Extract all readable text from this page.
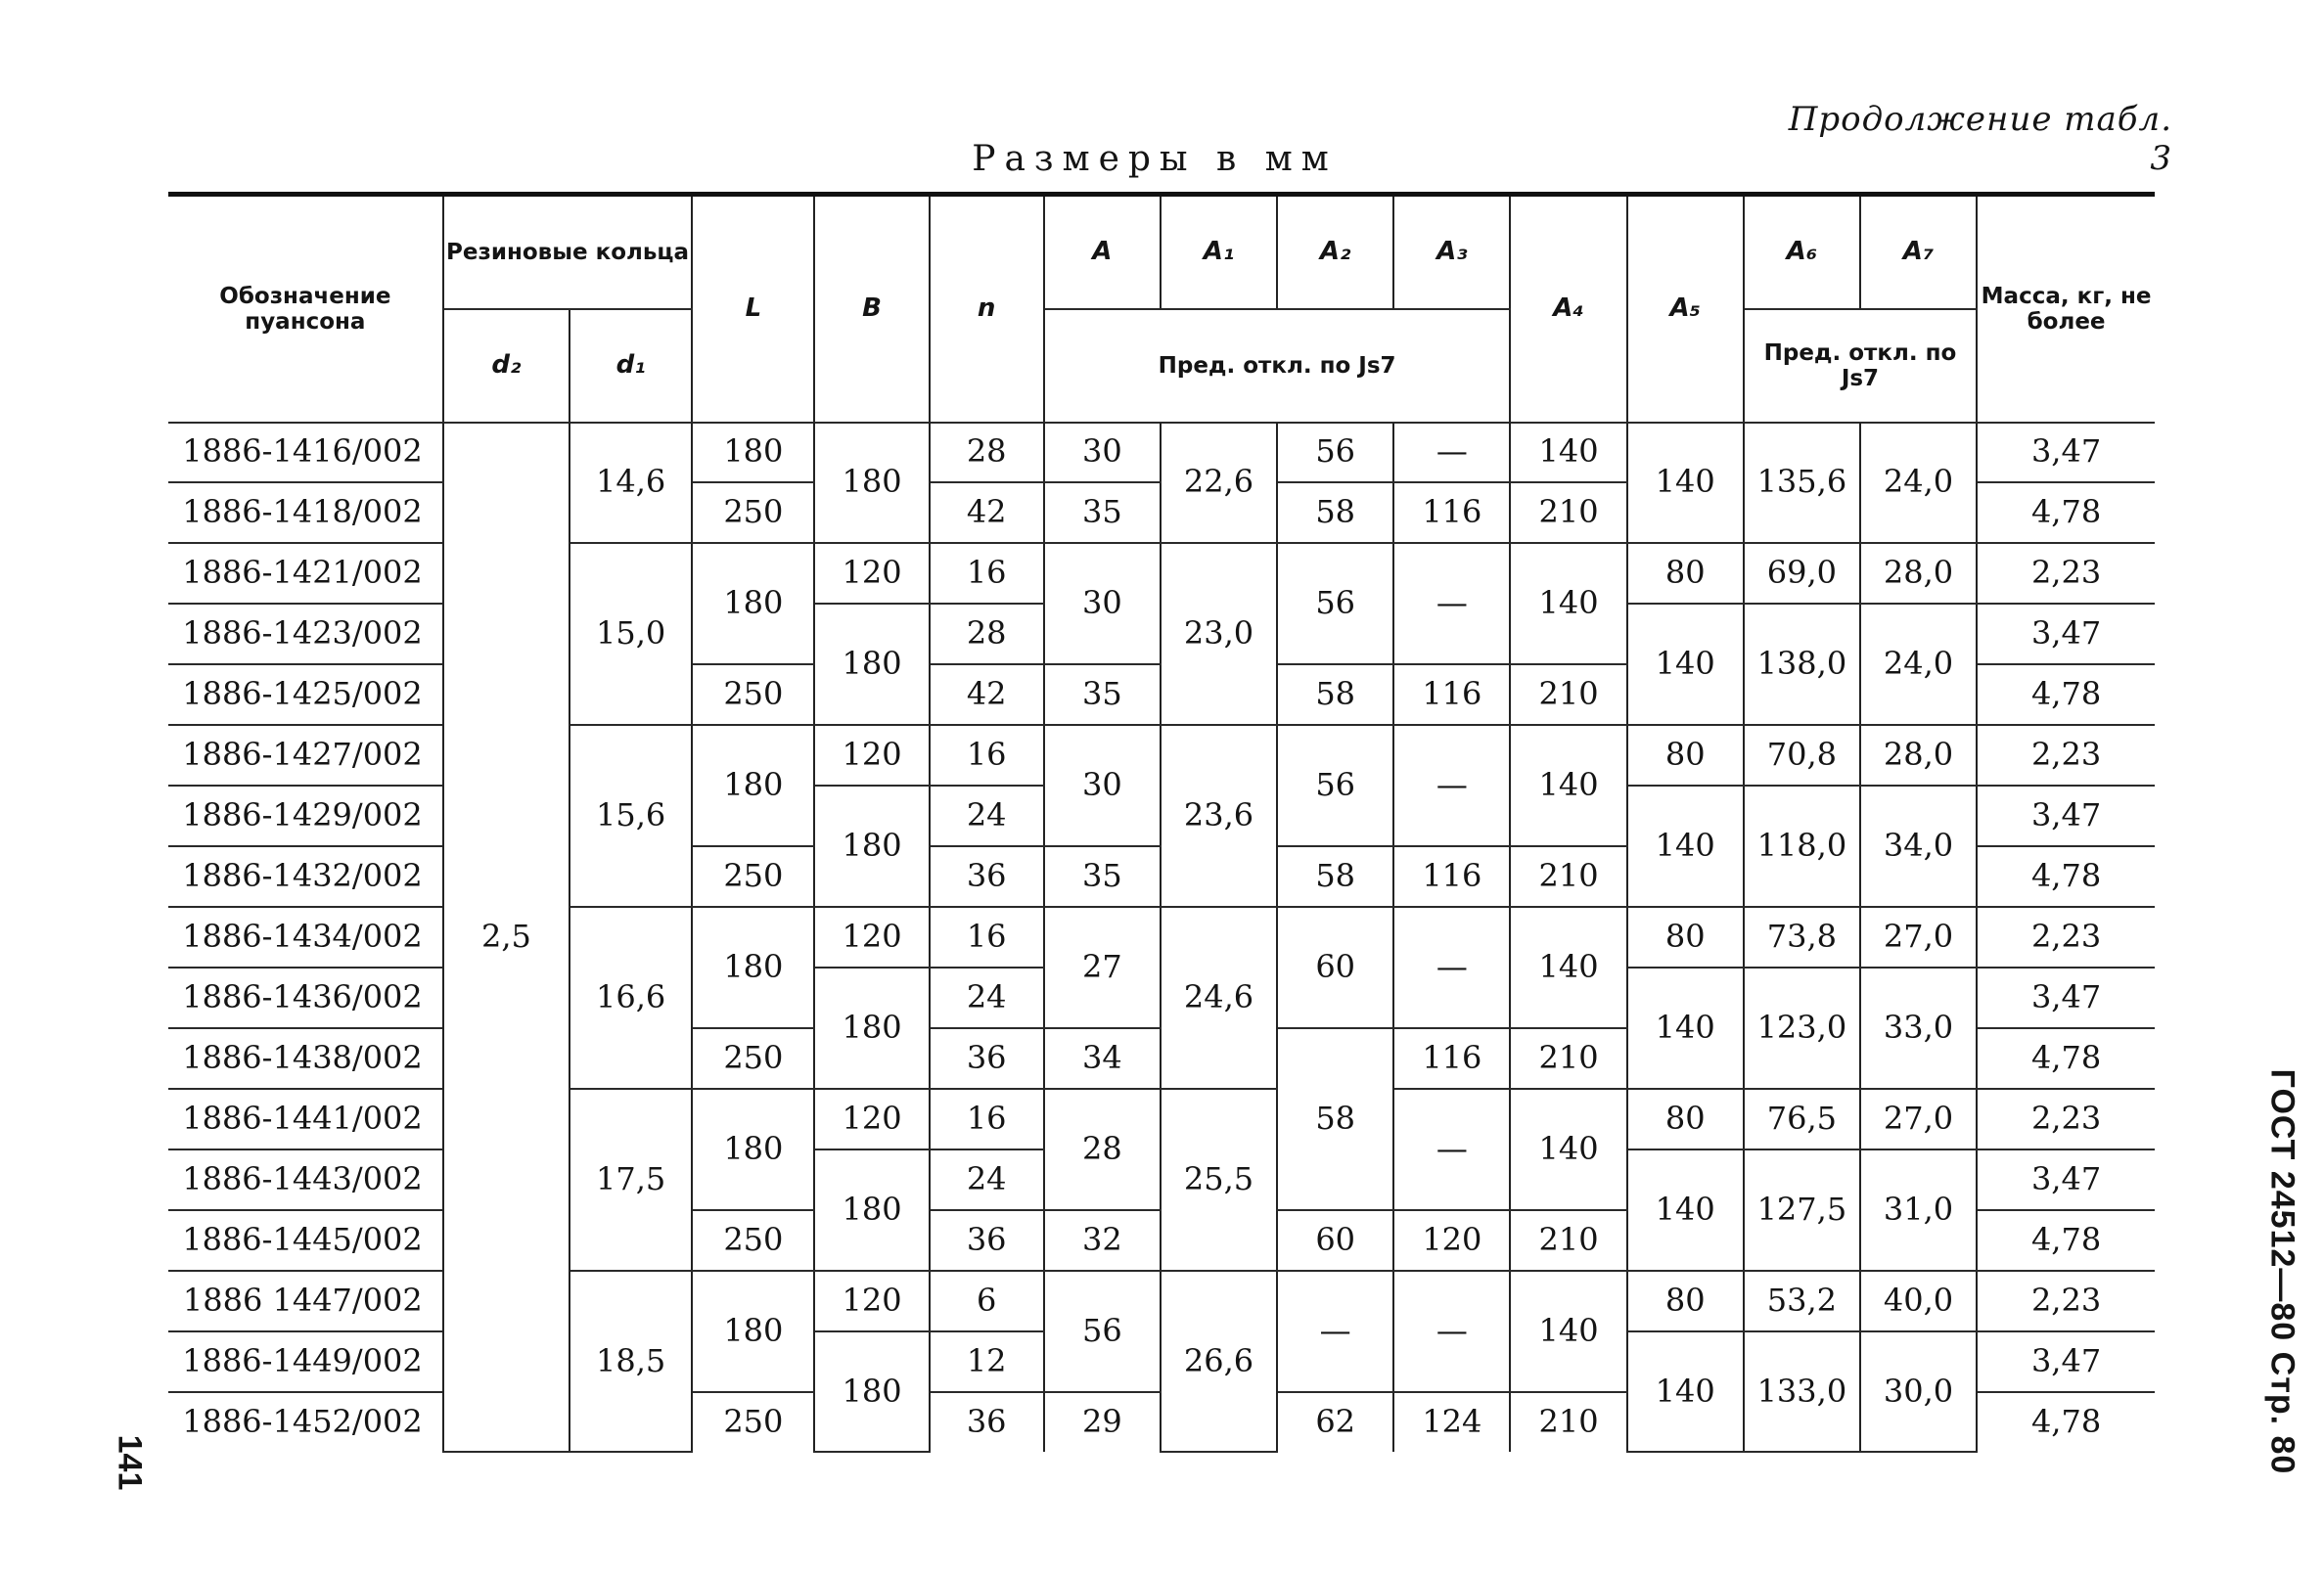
Продолжение табл. 3
Размеры в мм
ГОСТ 24512—80 Стр. 80
141
Обозначение пуансона	Резиновые кольца		L	B	n	A	A₁	A₂	A₃	A₄	A₅	A₆	A₇	Масса, кг, не более
	d₂	d₁				Пред. откл. по Js7						Пред. откл. по Js7		

1886-1416/002	2,5	14,6	180	180	28	30	22,6	56	—	140	140	135,6	24,0	3,47
1886-1418/002			250		42	35		58	116	210				4,78
1886-1421/002		15,0	180	120	16	30	23,0	56	—	140	80	69,0	28,0	2,23
1886-1423/002				180	28						140	138,0	24,0	3,47
1886-1425/002			250		42	35		58	116	210				4,78
1886-1427/002		15,6	180	120	16	30	23,6	56	—	140	80	70,8	28,0	2,23
1886-1429/002				180	24						140	118,0	34,0	3,47
1886-1432/002			250		36	35		58	116	210				4,78
1886-1434/002		16,6	180	120	16	27	24,6	60	—	140	80	73,8	27,0	2,23
1886-1436/002				180	24						140	123,0	33,0	3,47
1886-1438/002			250		36	34		58	116	210				4,78
1886-1441/002		17,5	180	120	16	28	25,5		—	140	80	76,5	27,0	2,23
1886-1443/002				180	24						140	127,5	31,0	3,47
1886-1445/002			250		36	32		60	120	210				4,78
1886 1447/002		18,5	180	120	6	56	26,6	—	—	140	80	53,2	40,0	2,23
1886-1449/002				180	12						140	133,0	30,0	3,47
1886-1452/002			250		36	29		62	124	210				4,78
